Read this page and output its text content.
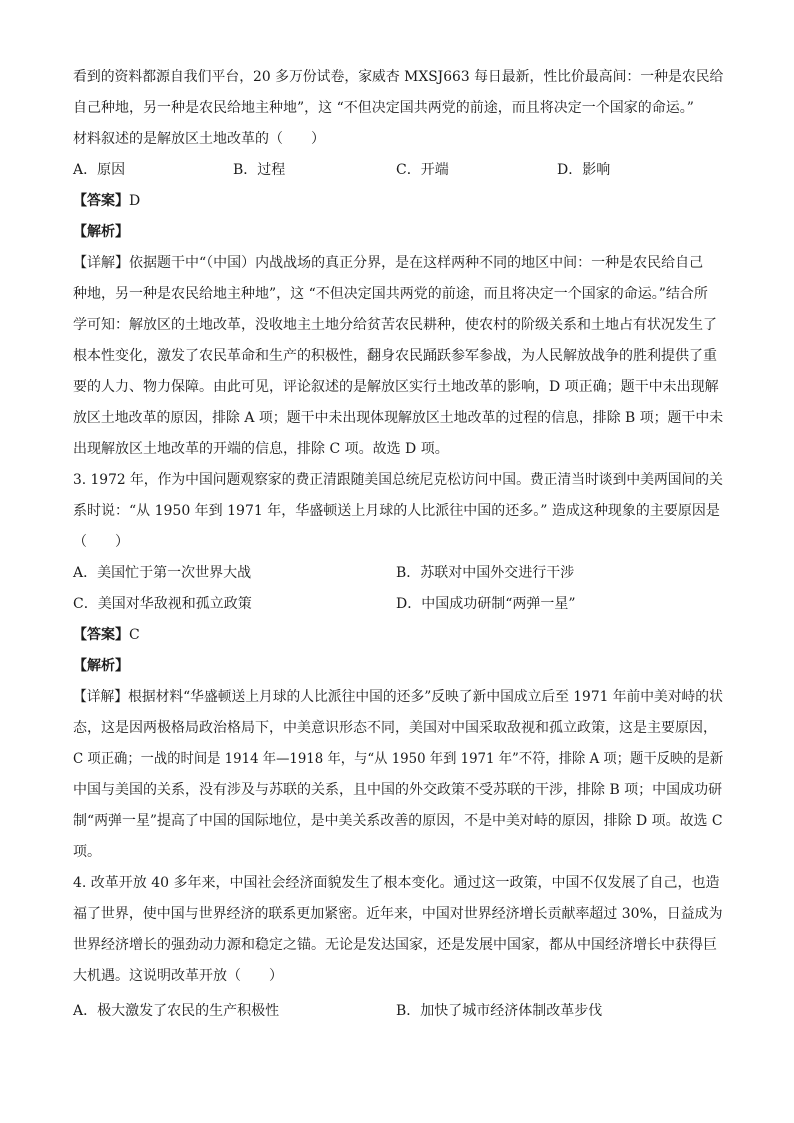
看到的资料都源自我们平台，20 多万份试卷，家威杏 MXSJ663 每日最新，性比价最高间：一种是农民给
自己种地，另一种是农民给地主种地”，这 “不但决定国共两党的前途，而且将决定一个国家的命运。”
材料叙述的是解放区土地改革的（　　）
A．原因	B．过程	C．开端	D．影响
【答案】D
【解析】
【详解】依据题干中“（中国）内战战场的真正分界，是在这样两种不同的地区中间：一种是农民给自己
种地，另一种是农民给地主种地”，这 “不但决定国共两党的前途，而且将决定一个国家的命运。”结合所
学可知：解放区的土地改革，没收地主土地分给贫苦农民耕种，使农村的阶级关系和土地占有状况发生了
根本性变化，激发了农民革命和生产的积极性，翻身农民踊跃参军参战，为人民解放战争的胜利提供了重
要的人力、物力保障。由此可见，评论叙述的是解放区实行土地改革的影响，D 项正确；题干中未出现解
放区土地改革的原因，排除 A 项；题干中未出现体现解放区土地改革的过程的信息，排除 B 项；题干中未
出现解放区土地改革的开端的信息，排除 C 项。故选 D 项。
3. 1972 年，作为中国问题观察家的费正清跟随美国总统尼克松访问中国。费正清当时谈到中美两国间的关
系时说：“从 1950 年到 1971 年，华盛顿送上月球的人比派往中国的还多。” 造成这种现象的主要原因是
（　　）
A．美国忙于第一次世界大战	B．苏联对中国外交进行干涉
C．美国对华敌视和孤立政策	D．中国成功研制“两弹一星”
【答案】C
【解析】
【详解】根据材料“华盛顿送上月球的人比派往中国的还多”反映了新中国成立后至 1971 年前中美对峙的状
态，这是因两极格局政治格局下，中美意识形态不同，美国对中国采取敌视和孤立政策，这是主要原因，
C 项正确；一战的时间是 1914 年—1918 年，与“从 1950 年到 1971 年”不符，排除 A 项；题干反映的是新
中国与美国的关系，没有涉及与苏联的关系，且中国的外交政策不受苏联的干涉，排除 B 项；中国成功研
制“两弹一星”提高了中国的国际地位，是中美关系改善的原因，不是中美对峙的原因，排除 D 项。故选 C
项。
4. 改革开放 40 多年来，中国社会经济面貌发生了根本变化。通过这一政策，中国不仅发展了自己，也造
福了世界，使中国与世界经济的联系更加紧密。近年来，中国对世界经济增长贡献率超过 30%，日益成为
世界经济增长的强劲动力源和稳定之锚。无论是发达国家，还是发展中国家，都从中国经济增长中获得巨
大机遇。这说明改革开放（　　）
A．极大激发了农民的生产积极性	B．加快了城市经济体制改革步伐
